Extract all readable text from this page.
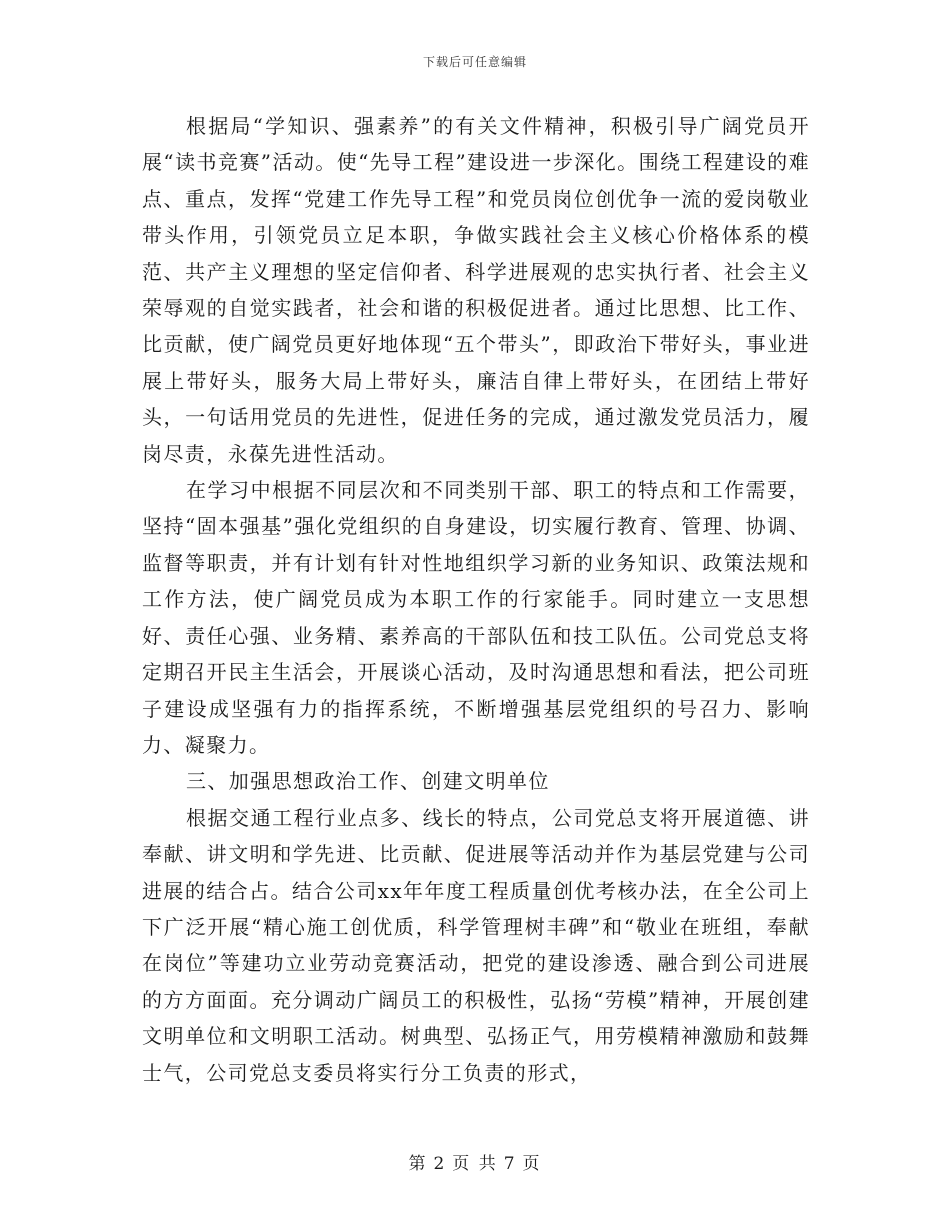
下载后可任意编辑

根据局“学知识、强素养”的有关文件精神，积极引导广阔党员开展“读书竞赛”活动。使“先导工程”建设进一步深化。围绕工程建设的难点、重点，发挥“党建工作先导工程”和党员岗位创优争一流的爱岗敬业带头作用，引领党员立足本职，争做实践社会主义核心价格体系的模范、共产主义理想的坚定信仰者、科学进展观的忠实执行者、社会主义荣辱观的自觉实践者，社会和谐的积极促进者。通过比思想、比工作、比贡献，使广阔党员更好地体现“五个带头”，即政治下带好头，事业进展上带好头，服务大局上带好头，廉洁自律上带好头，在团结上带好头，一句话用党员的先进性，促进任务的完成，通过激发党员活力，履岗尽责，永葆先进性活动。

在学习中根据不同层次和不同类别干部、职工的特点和工作需要，坚持“固本强基”强化党组织的自身建设，切实履行教育、管理、协调、监督等职责，并有计划有针对性地组织学习新的业务知识、政策法规和工作方法，使广阔党员成为本职工作的行家能手。同时建立一支思想好、责任心强、业务精、素养高的干部队伍和技工队伍。公司党总支将定期召开民主生活会，开展谈心活动，及时沟通思想和看法，把公司班子建设成坚强有力的指挥系统，不断增强基层党组织的号召力、影响力、凝聚力。

三、加强思想政治工作、创建文明单位

根据交通工程行业点多、线长的特点，公司党总支将开展道德、讲奉献、讲文明和学先进、比贡献、促进展等活动并作为基层党建与公司进展的结合占。结合公司xx年年度工程质量创优考核办法，在全公司上下广泛开展“精心施工创优质，科学管理树丰碑”和“敬业在班组，奉献在岗位”等建功立业劳动竞赛活动，把党的建设渗透、融合到公司进展的方方面面。充分调动广阔员工的积极性，弘扬“劳模”精神，开展创建文明单位和文明职工活动。树典型、弘扬正气，用劳模精神激励和鼓舞士气，公司党总支委员将实行分工负责的形式，

第 2 页 共 7 页
